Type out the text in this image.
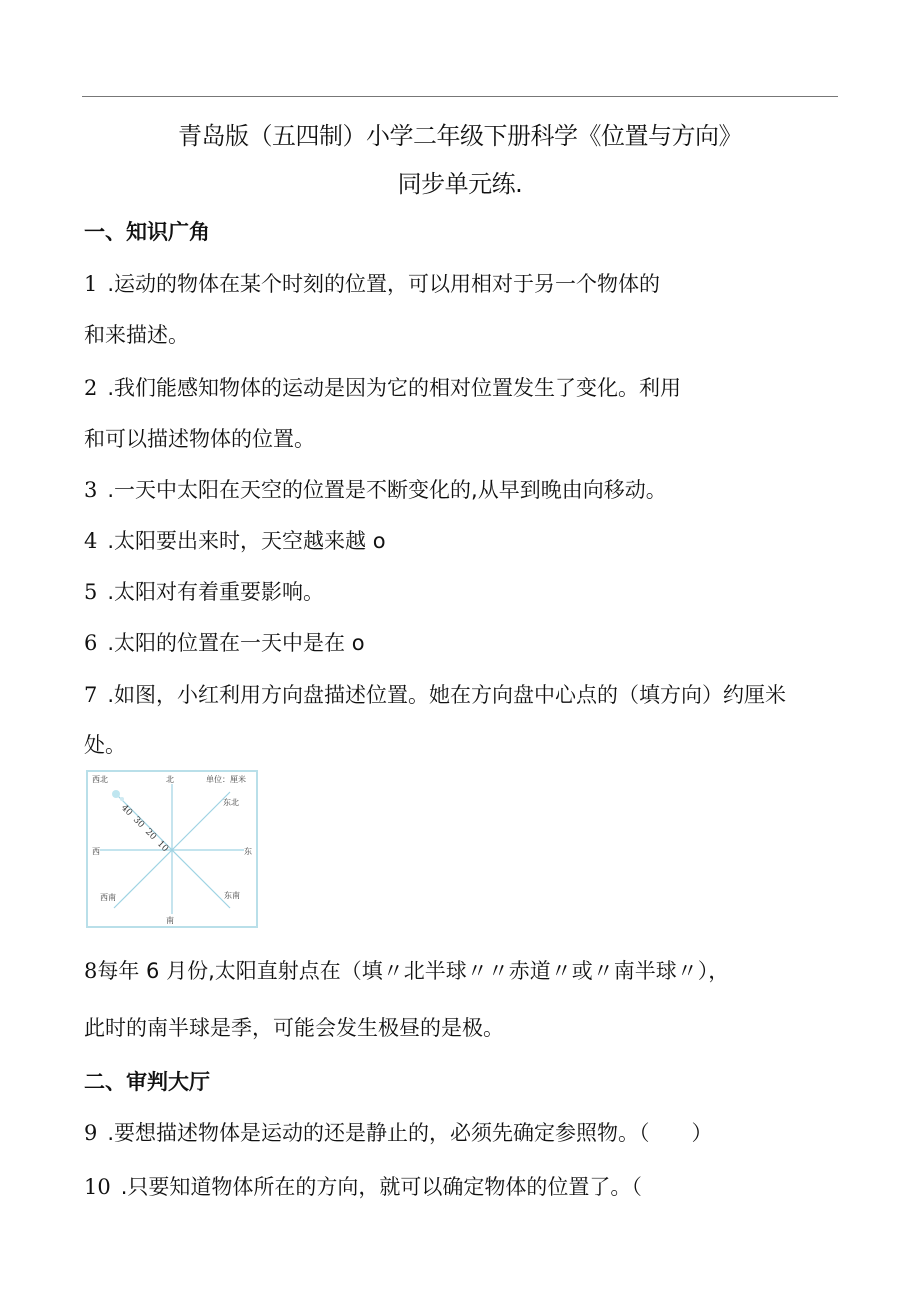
青岛版（五四制）小学二年级下册科学《位置与方向》
同步单元练.
一、知识广角
1 .运动的物体在某个时刻的位置，可以用相对于另一个物体的
和来描述。
2 .我们能感知物体的运动是因为它的相对位置发生了变化。利用
和可以描述物体的位置。
3 .一天中太阳在天空的位置是不断变化的,从早到晚由向移动。
4 .太阳要出来时，天空越来越 o
5 .太阳对有着重要影响。
6 .太阳的位置在一天中是在 o
7 .如图，小红利用方向盘描述位置。她在方向盘中心点的（填方向）约厘米
处。
西北	北	单位：厘米
东北
西	东
西南	东南
南
10
20
30
40
8每年 6 月份,太阳直射点在（填〃北半球〃〃赤道〃或〃南半球〃），
此时的南半球是季，可能会发生极昼的是极。
二、审判大厅
9 .要想描述物体是运动的还是静止的，必须先确定参照物。（　　）
10 .只要知道物体所在的方向，就可以确定物体的位置了。（
